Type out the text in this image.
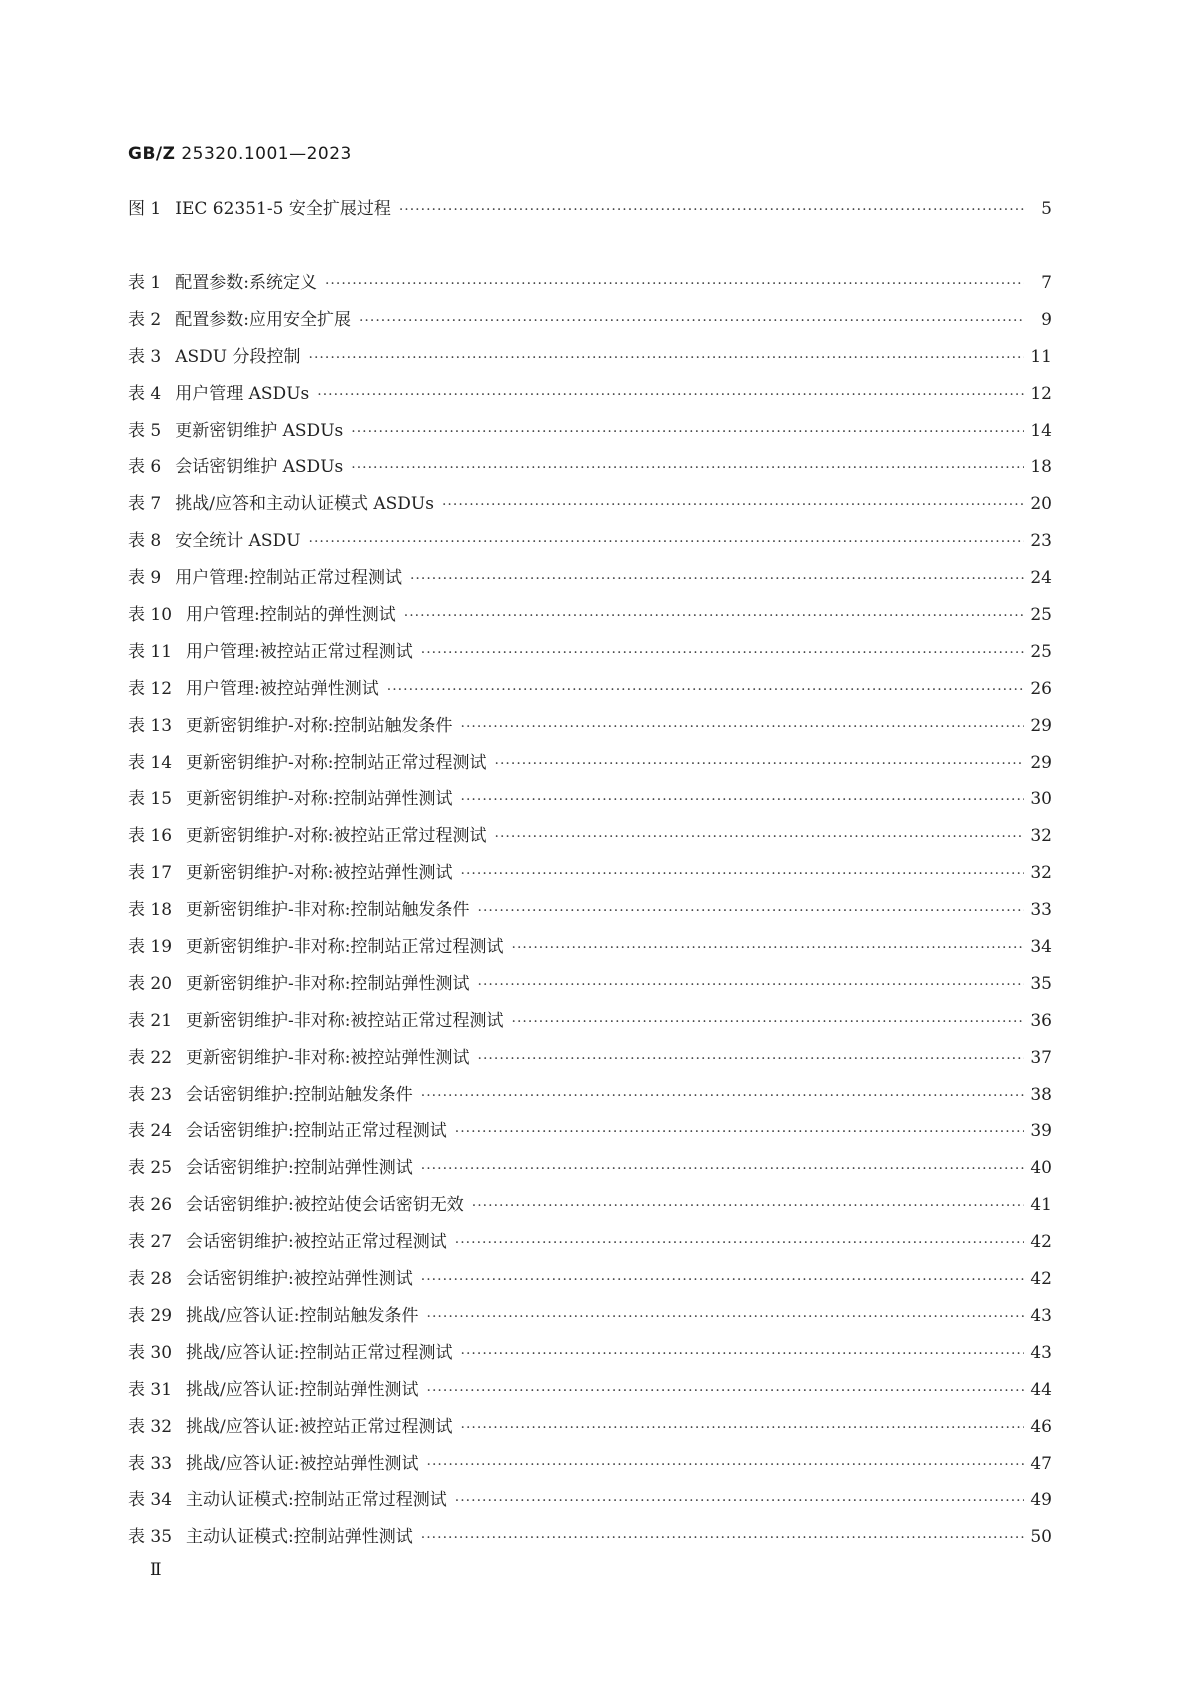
GB/Z 25320.1001—2023
图 1 IEC 62351-5 安全扩展过程 ·····	5
表 1 配置参数:系统定义 ·····	7
表 2 配置参数:应用安全扩展 ·····	9
表 3 ASDU 分段控制 ·····	11
表 4 用户管理 ASDUs ·····	12
表 5 更新密钥维护 ASDUs ·····	14
表 6 会话密钥维护 ASDUs ·····	18
表 7 挑战/应答和主动认证模式 ASDUs ·····	20
表 8 安全统计 ASDU ·····	23
表 9 用户管理:控制站正常过程测试 ·····	24
表 10 用户管理:控制站的弹性测试 ·····	25
表 11 用户管理:被控站正常过程测试 ·····	25
表 12 用户管理:被控站弹性测试 ·····	26
表 13 更新密钥维护-对称:控制站触发条件 ·····	29
表 14 更新密钥维护-对称:控制站正常过程测试 ·····	29
表 15 更新密钥维护-对称:控制站弹性测试 ·····	30
表 16 更新密钥维护-对称:被控站正常过程测试 ·····	32
表 17 更新密钥维护-对称:被控站弹性测试 ·····	32
表 18 更新密钥维护-非对称:控制站触发条件 ·····	33
表 19 更新密钥维护-非对称:控制站正常过程测试 ·····	34
表 20 更新密钥维护-非对称:控制站弹性测试 ·····	35
表 21 更新密钥维护-非对称:被控站正常过程测试 ·····	36
表 22 更新密钥维护-非对称:被控站弹性测试 ·····	37
表 23 会话密钥维护:控制站触发条件 ·····	38
表 24 会话密钥维护:控制站正常过程测试 ·····	39
表 25 会话密钥维护:控制站弹性测试 ·····	40
表 26 会话密钥维护:被控站使会话密钥无效 ·····	41
表 27 会话密钥维护:被控站正常过程测试 ·····	42
表 28 会话密钥维护:被控站弹性测试 ·····	42
表 29 挑战/应答认证:控制站触发条件 ·····	43
表 30 挑战/应答认证:控制站正常过程测试 ·····	43
表 31 挑战/应答认证:控制站弹性测试 ·····	44
表 32 挑战/应答认证:被控站正常过程测试 ·····	46
表 33 挑战/应答认证:被控站弹性测试 ·····	47
表 34 主动认证模式:控制站正常过程测试 ·····	49
表 35 主动认证模式:控制站弹性测试 ·····	50
Ⅱ
